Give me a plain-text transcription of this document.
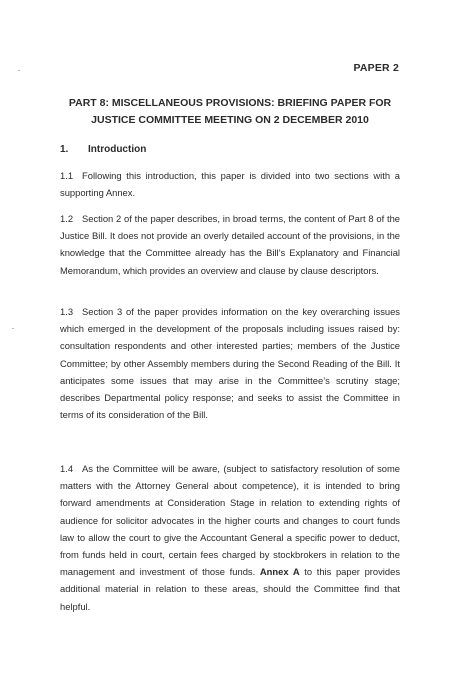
PAPER 2
PART 8: MISCELLANEOUS PROVISIONS: BRIEFING PAPER FOR
JUSTICE COMMITTEE MEETING ON 2 DECEMBER 2010
1. Introduction
1.1 Following this introduction, this paper is divided into two sections with a supporting Annex.
1.2 Section 2 of the paper describes, in broad terms, the content of Part 8 of the Justice Bill. It does not provide an overly detailed account of the provisions, in the knowledge that the Committee already has the Bill’s Explanatory and Financial Memorandum, which provides an overview and clause by clause descriptors.
1.3 Section 3 of the paper provides information on the key overarching issues which emerged in the development of the proposals including issues raised by: consultation respondents and other interested parties; members of the Justice Committee; by other Assembly members during the Second Reading of the Bill. It anticipates some issues that may arise in the Committee’s scrutiny stage; describes Departmental policy response; and seeks to assist the Committee in terms of its consideration of the Bill.
1.4 As the Committee will be aware, (subject to satisfactory resolution of some matters with the Attorney General about competence), it is intended to bring forward amendments at Consideration Stage in relation to extending rights of audience for solicitor advocates in the higher courts and changes to court funds law to allow the court to give the Accountant General a specific power to deduct, from funds held in court, certain fees charged by stockbrokers in relation to the management and investment of those funds. Annex A to this paper provides additional material in relation to these areas, should the Committee find that helpful.
